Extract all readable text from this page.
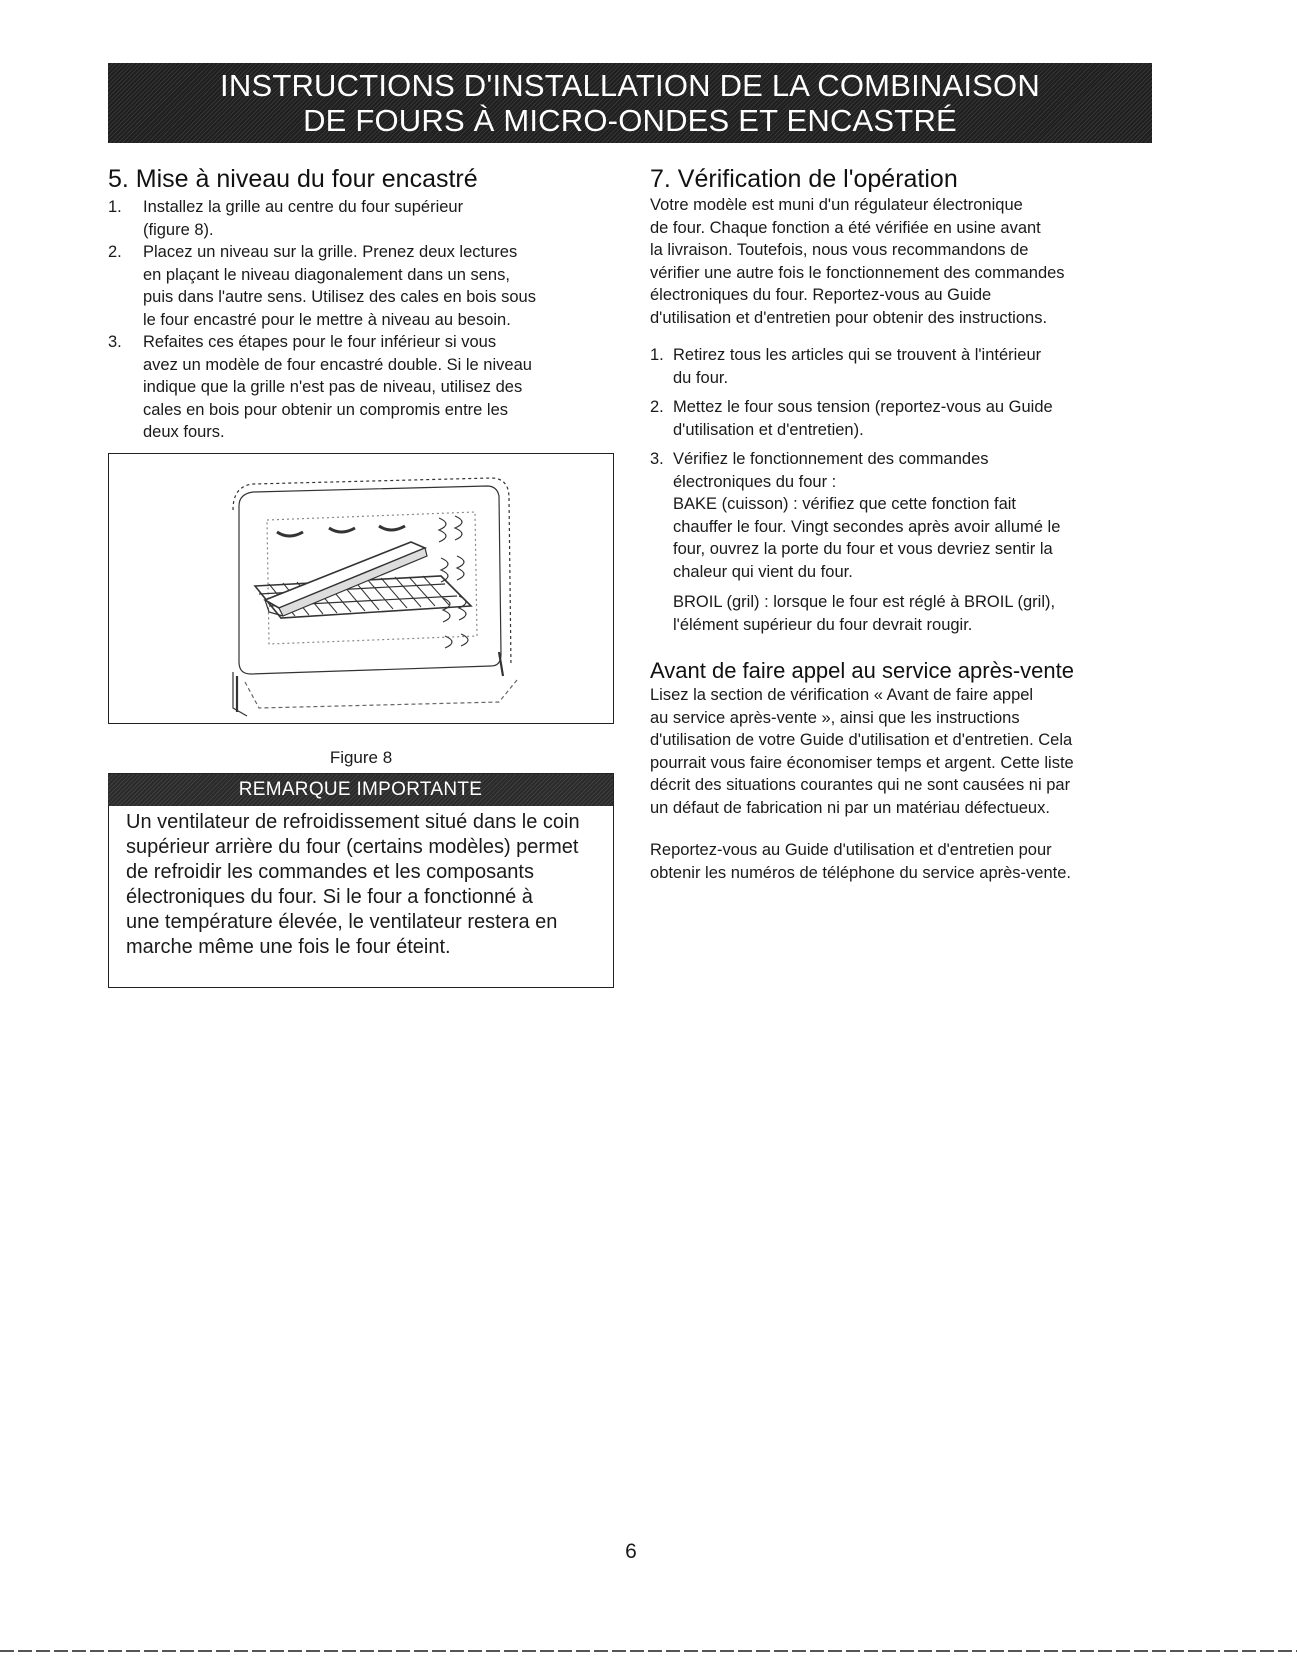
INSTRUCTIONS D'INSTALLATION DE LA COMBINAISON
DE FOURS À MICRO-ONDES ET ENCASTRÉ
5. Mise à niveau du four encastré
1. Installez la grille au centre du four supérieur
(figure 8).
2. Placez un niveau sur la grille. Prenez deux lectures
en plaçant le niveau diagonalement dans un sens,
puis dans l'autre sens. Utilisez des cales en bois sous
le four encastré pour le mettre à niveau au besoin.
3. Refaites ces étapes pour le four inférieur si vous
avez un modèle de four encastré double. Si le niveau
indique que la grille n'est pas de niveau, utilisez des
cales en bois pour obtenir un compromis entre les
deux fours.
Figure 8
REMARQUE IMPORTANTE
Un ventilateur de refroidissement situé dans le coin
supérieur arrière du four (certains modèles) permet
de refroidir les commandes et les composants
électroniques du four. Si le four a fonctionné à
une température élevée, le ventilateur restera en
marche même une fois le four éteint.
7. Vérification de l'opération

Votre modèle est muni d'un régulateur électronique
de four. Chaque fonction a été vérifiée en usine avant
la livraison. Toutefois, nous vous recommandons de
vérifier une autre fois le fonctionnement des commandes
électroniques du four. Reportez-vous au Guide
d'utilisation et d'entretien pour obtenir des instructions.

1. Retirez tous les articles qui se trouvent à l'intérieur
du four.
2. Mettez le four sous tension (reportez-vous au Guide
d'utilisation et d'entretien).
3. Vérifiez le fonctionnement des commandes
électroniques du four :
BAKE (cuisson) : vérifiez que cette fonction fait
chauffer le four. Vingt secondes après avoir allumé le
four, ouvrez la porte du four et vous devriez sentir la
chaleur qui vient du four.
BROIL (gril) : lorsque le four est réglé à BROIL (gril),
l'élément supérieur du four devrait rougir.
Avant de faire appel au service après-vente

Lisez la section de vérification « Avant de faire appel
au service après-vente », ainsi que les instructions
d'utilisation de votre Guide d'utilisation et d'entretien. Cela
pourrait vous faire économiser temps et argent. Cette liste
décrit des situations courantes qui ne sont causées ni par
un défaut de fabrication ni par un matériau défectueux.

Reportez-vous au Guide d'utilisation et d'entretien pour
obtenir les numéros de téléphone du service après-vente.

6
